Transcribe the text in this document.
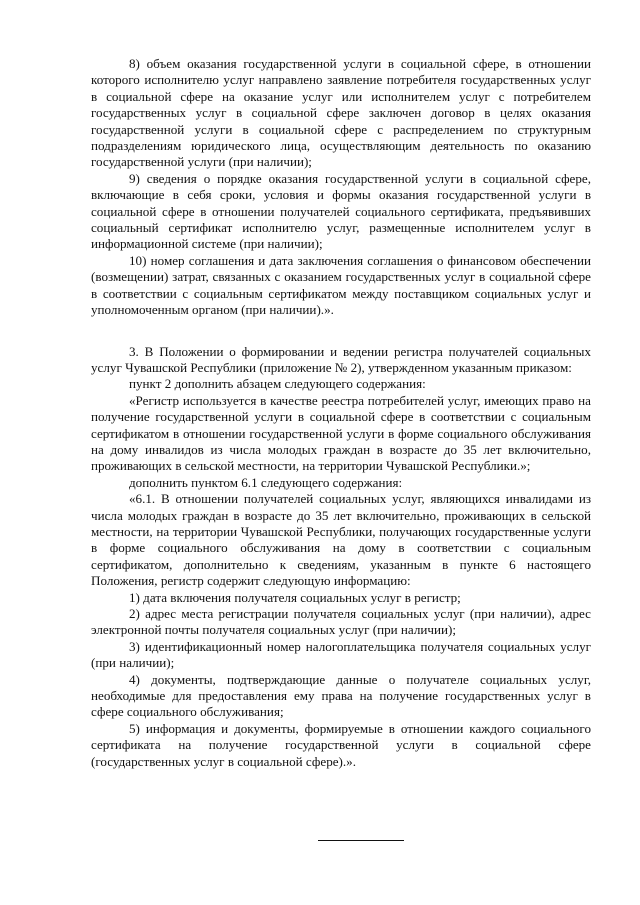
8) объем оказания государственной услуги в социальной сфере, в отношении которого исполнителю услуг направлено заявление потребителя государственных услуг в социальной сфере на оказание услуг или исполнителем услуг с потребителем государственных услуг в социальной сфере заключен договор в целях оказания государственной услуги в социальной сфере с распределением по структурным подразделениям юридического лица, осуществляющим деятельность по оказанию государственной услуги (при наличии);

9) сведения о порядке оказания государственной услуги в социальной сфере, включающие в себя сроки, условия и формы оказания государственной услуги в социальной сфере в отношении получателей социального сертификата, предъявивших социальный сертификат исполнителю услуг, размещенные исполнителем услуг в информационной системе (при наличии);

10) номер соглашения и дата заключения соглашения о финансовом обеспечении (возмещении) затрат, связанных с оказанием государственных услуг в социальной сфере в соответствии с социальным сертификатом между поставщиком социальных услуг и уполномоченным органом (при наличии).».

3. В Положении о формировании и ведении регистра получателей социальных услуг Чувашской Республики (приложение № 2), утвержденном указанным приказом:

пункт 2 дополнить абзацем следующего содержания:

«Регистр используется в качестве реестра потребителей услуг, имеющих право на получение государственной услуги в социальной сфере в соответствии с социальным сертификатом в отношении государственной услуги в форме социального обслуживания на дому инвалидов из числа молодых граждан в возрасте до 35 лет включительно, проживающих в сельской местности, на территории Чувашской Республики.»;

дополнить пунктом 6.1 следующего содержания:

«6.1. В отношении получателей социальных услуг, являющихся инвалидами из числа молодых граждан в возрасте до 35 лет включительно, проживающих в сельской местности, на территории Чувашской Республики, получающих государственные услуги в форме социального обслуживания на дому в соответствии с социальным сертификатом, дополнительно к сведениям, указанным в пункте 6 настоящего Положения, регистр содержит следующую информацию:

1) дата включения получателя социальных услуг в регистр;

2) адрес места регистрации получателя социальных услуг (при наличии), адрес электронной почты получателя социальных услуг (при наличии);

3) идентификационный номер налогоплательщика получателя социальных услуг (при наличии);

4) документы, подтверждающие данные о получателе социальных услуг, необходимые для предоставления ему права на получение государственных услуг в сфере социального обслуживания;

5) информация и документы, формируемые в отношении каждого социального сертификата на получение государственной услуги в социальной сфере (государственных услуг в социальной сфере).».
